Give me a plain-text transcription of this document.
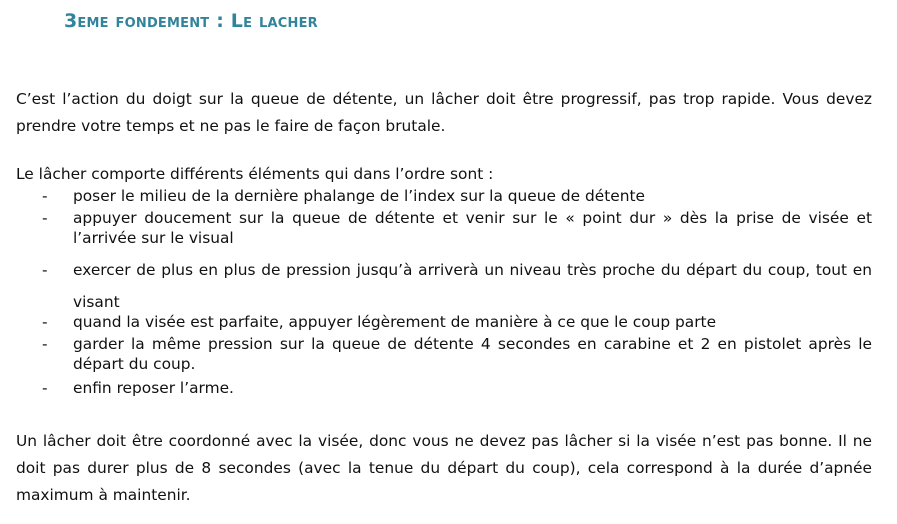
3eme fondement : Le lacher

C’est l’action du doigt sur la queue de détente, un lâcher doit être progressif, pas trop rapide. Vous devez prendre votre temps et ne pas le faire de façon brutale.

Le lâcher comporte différents éléments qui dans l’ordre sont :

- poser le milieu de la dernière phalange de l’index sur la queue de détente
- appuyer doucement sur la queue de détente et venir sur le « point dur » dès la prise de visée et l’arrivée sur le visual
- exercer de plus en plus de pression jusqu’à arriverà un niveau très proche du départ du coup, tout en visant
- quand la visée est parfaite, appuyer légèrement de manière à ce que le coup parte
- garder la même pression sur la queue de détente 4 secondes en carabine et 2 en pistolet après le départ du coup.
- enfin reposer l’arme.

Un lâcher doit être coordonné avec la visée, donc vous ne devez pas lâcher si la visée n’est pas bonne. Il ne doit pas durer plus de 8 secondes (avec la tenue du départ du coup), cela correspond à la durée d’apnée maximum à maintenir.
